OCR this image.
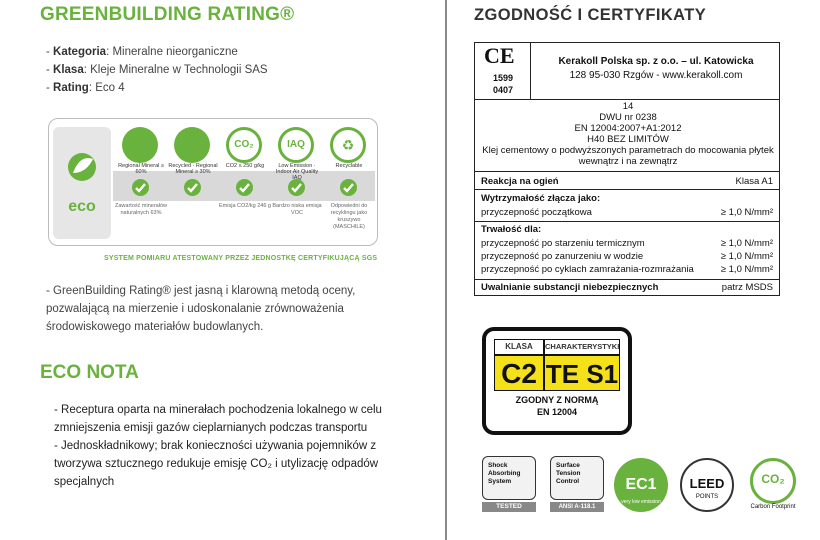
GREENBUILDING RATING®
- Kategoria: Mineralne nieorganiczne
- Klasa: Kleje Mineralne w Technologii SAS
- Rating: Eco 4
eco
Regional Mineral ≥ 60%
Zawartość minerałów naturalnych 63%
Recycled · Regional Mineral ≥ 30%
CO₂
CO2 ≤ 250 g/kg
Emisja CO2/kg 246 g
IAQ
Low Emission · Indoor Air Quality IAQ
Bardzo niska emisja VOC
♻
Recyclable
Odpowiedni do recyklingu jako kruszywo (MASCHILE)
SYSTEM POMIARU ATESTOWANY PRZEZ JEDNOSTKĘ CERTYFIKUJĄCĄ SGS
- GreenBuilding Rating® jest jasną i klarowną metodą oceny, pozwalającą na mierzenie i udoskonalanie zrównoważenia środowiskowego materiałów budowlanych.
ECO NOTA
- Receptura oparta na minerałach pochodzenia lokalnego w celu zmniejszenia emisji gazów cieplarnianych podczas transportu
- Jednoskładnikowy; brak konieczności używania pojemników z tworzywa sztucznego redukuje emisję CO₂ i utylizację odpadów specjalnych
ZGODNOŚĆ I CERTYFIKATY
CE
1599
0407
Kerakoll Polska sp. z o.o. – ul. Katowicka
128 95-030 Rzgów - www.kerakoll.com
14
DWU nr 0238
EN 12004:2007+A1:2012
H40 BEZ LIMITÓW
Klej cementowy o podwyższonych parametrach do mocowania płytek wewnątrz i na zewnątrz
Reakcja na ogień	Klasa A1
Wytrzymałość złącza jako:
przyczepność początkowa	≥ 1,0 N/mm²
Trwałość dla:
przyczepność po starzeniu termicznym	≥ 1,0 N/mm²
przyczepność po zanurzeniu w wodzie	≥ 1,0 N/mm²
przyczepność po cyklach zamrażania-rozmrażania	≥ 1,0 N/mm²
Uwalnianie substancji niebezpiecznych	patrz MSDS
KLASA	CHARAKTERYSTYKI
C2 TE S1
ZGODNY Z NORMĄ
EN 12004
Shock
Absorbing
System
TESTED
Surface
Tension
Control
ANSI A-118.1
EC1
very low emission
LEED
POINTS
CO₂
Carbon Footprint
